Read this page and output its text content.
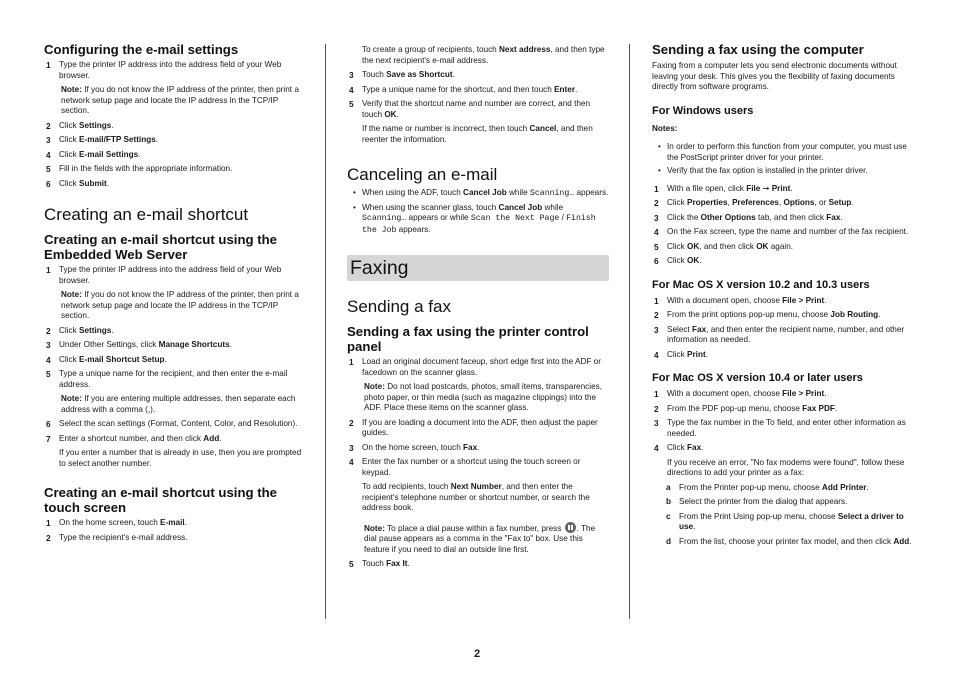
Configuring the e-mail settings
1 Type the printer IP address into the address field of your Web browser.
Note: If you do not know the IP address of the printer, then print a network setup page and locate the IP address in the TCP/IP section.
2 Click Settings.
3 Click E-mail/FTP Settings.
4 Click E-mail Settings.
5 Fill in the fields with the appropriate information.
6 Click Submit.
Creating an e-mail shortcut
Creating an e-mail shortcut using the Embedded Web Server
1 Type the printer IP address into the address field of your Web browser.
Note: If you do not know the IP address of the printer, then print a network setup page and locate the IP address in the TCP/IP section.
2 Click Settings.
3 Under Other Settings, click Manage Shortcuts.
4 Click E-mail Shortcut Setup.
5 Type a unique name for the recipient, and then enter the e-mail address.
Note: If you are entering multiple addresses, then separate each address with a comma (,).
6 Select the scan settings (Format, Content, Color, and Resolution).
7 Enter a shortcut number, and then click Add.
If you enter a number that is already in use, then you are prompted to select another number.
Creating an e-mail shortcut using the touch screen
1 On the home screen, touch E-mail.
2 Type the recipient's e-mail address.
To create a group of recipients, touch Next address, and then type the next recipient's e-mail address.
3 Touch Save as Shortcut.
4 Type a unique name for the shortcut, and then touch Enter.
5 Verify that the shortcut name and number are correct, and then touch OK.
If the name or number is incorrect, then touch Cancel, and then reenter the information.
Canceling an e-mail
• When using the ADF, touch Cancel Job while Scanning… appears.
• When using the scanner glass, touch Cancel Job while Scanning… appears or while Scan the Next Page / Finish the Job appears.
Faxing
Sending a fax
Sending a fax using the printer control panel
1 Load an original document faceup, short edge first into the ADF or facedown on the scanner glass.
Note: Do not load postcards, photos, small items, transparencies, photo paper, or thin media (such as magazine clippings) into the ADF. Place these items on the scanner glass.
2 If you are loading a document into the ADF, then adjust the paper guides.
3 On the home screen, touch Fax.
4 Enter the fax number or a shortcut using the touch screen or keypad.
To add recipients, touch Next Number, and then enter the recipient's telephone number or shortcut number, or search the address book.
Note: To place a dial pause within a fax number, press . The dial pause appears as a comma in the "Fax to" box. Use this feature if you need to dial an outside line first.
5 Touch Fax It.
Sending a fax using the computer
Faxing from a computer lets you send electronic documents without leaving your desk. This gives you the flexibility of faxing documents directly from software programs.
For Windows users
Notes:
• In order to perform this function from your computer, you must use the PostScript printer driver for your printer.
• Verify that the fax option is installed in the printer driver.
1 With a file open, click File ➞ Print.
2 Click Properties, Preferences, Options, or Setup.
3 Click the Other Options tab, and then click Fax.
4 On the Fax screen, type the name and number of the fax recipient.
5 Click OK, and then click OK again.
6 Click OK.
For Mac OS X version 10.2 and 10.3 users
1 With a document open, choose File > Print.
2 From the print options pop-up menu, choose Job Routing.
3 Select Fax, and then enter the recipient name, number, and other information as needed.
4 Click Print.
For Mac OS X version 10.4 or later users
1 With a document open, choose File > Print.
2 From the PDF pop-up menu, choose Fax PDF.
3 Type the fax number in the To field, and enter other information as needed.
4 Click Fax.
If you receive an error, "No fax modems were found", follow these directions to add your printer as a fax:
a From the Printer pop-up menu, choose Add Printer.
b Select the printer from the dialog that appears.
c From the Print Using pop-up menu, choose Select a driver to use.
d From the list, choose your printer fax model, and then click Add.
2
